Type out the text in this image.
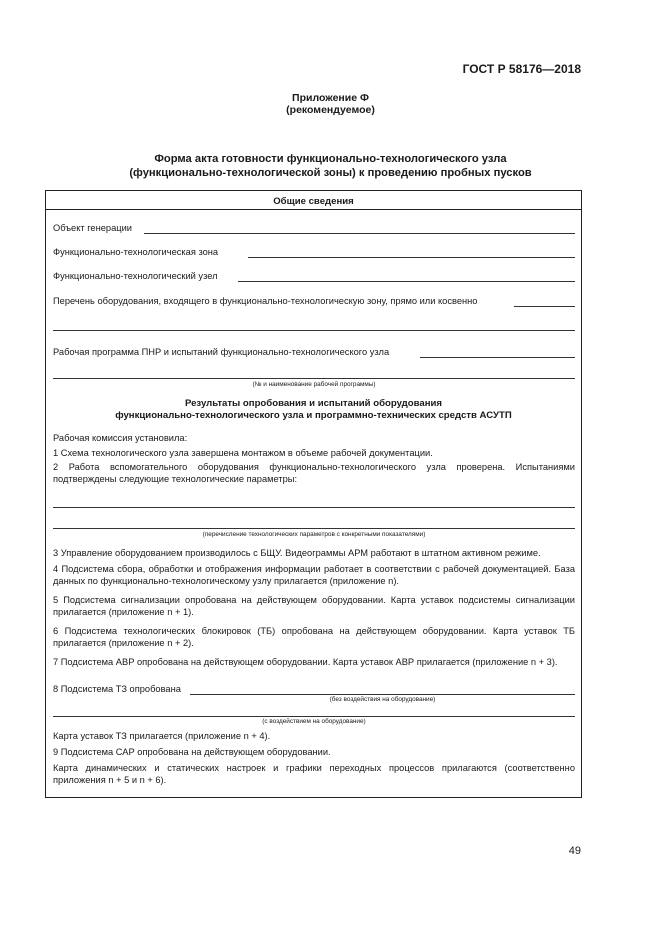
ГОСТ Р 58176—2018
Приложение Ф
(рекомендуемое)
Форма акта готовности функционально-технологического узла
(функционально-технологической зоны) к проведению пробных пусков
Общие сведения
Объект генерации
Функционально-технологическая зона
Функционально-технологический узел
Перечень оборудования, входящего в функционально-технологическую зону, прямо или косвенно
Рабочая программа ПНР и испытаний функционально-технологического узла
(№ и наименование рабочей программы)
Результаты опробования и испытаний оборудования
функционально-технологического узла и программно-технических средств АСУТП
Рабочая комиссия установила:
1 Схема технологического узла завершена монтажом в объеме рабочей документации.
2 Работа вспомогательного оборудования функционально-технологического узла проверена. Испытаниями подтверждены следующие технологические параметры:
(перечисление технологических параметров с конкретными показателями)
3 Управление оборудованием производилось с БЩУ. Видеограммы АРМ работают в штатном активном режиме.
4 Подсистема сбора, обработки и отображения информации работает в соответствии с рабочей документацией. База данных по функционально-технологическому узлу прилагается (приложение n).
5 Подсистема сигнализации опробована на действующем оборудовании. Карта уставок подсистемы сигнализации прилагается (приложение n + 1).
6 Подсистема технологических блокировок (ТБ) опробована на действующем оборудовании. Карта уставок ТБ прилагается (приложение n + 2).
7 Подсистема АВР опробована на действующем оборудовании. Карта уставок АВР прилагается (приложение n + 3).
8 Подсистема ТЗ опробована
(без воздействия на оборудование)
(с воздействием на оборудование)
Карта уставок ТЗ прилагается (приложение n + 4).
9 Подсистема САР опробована на действующем оборудовании.
Карта динамических и статических настроек и графики переходных процессов прилагаются (соответственно приложения n + 5 и n + 6).
49
